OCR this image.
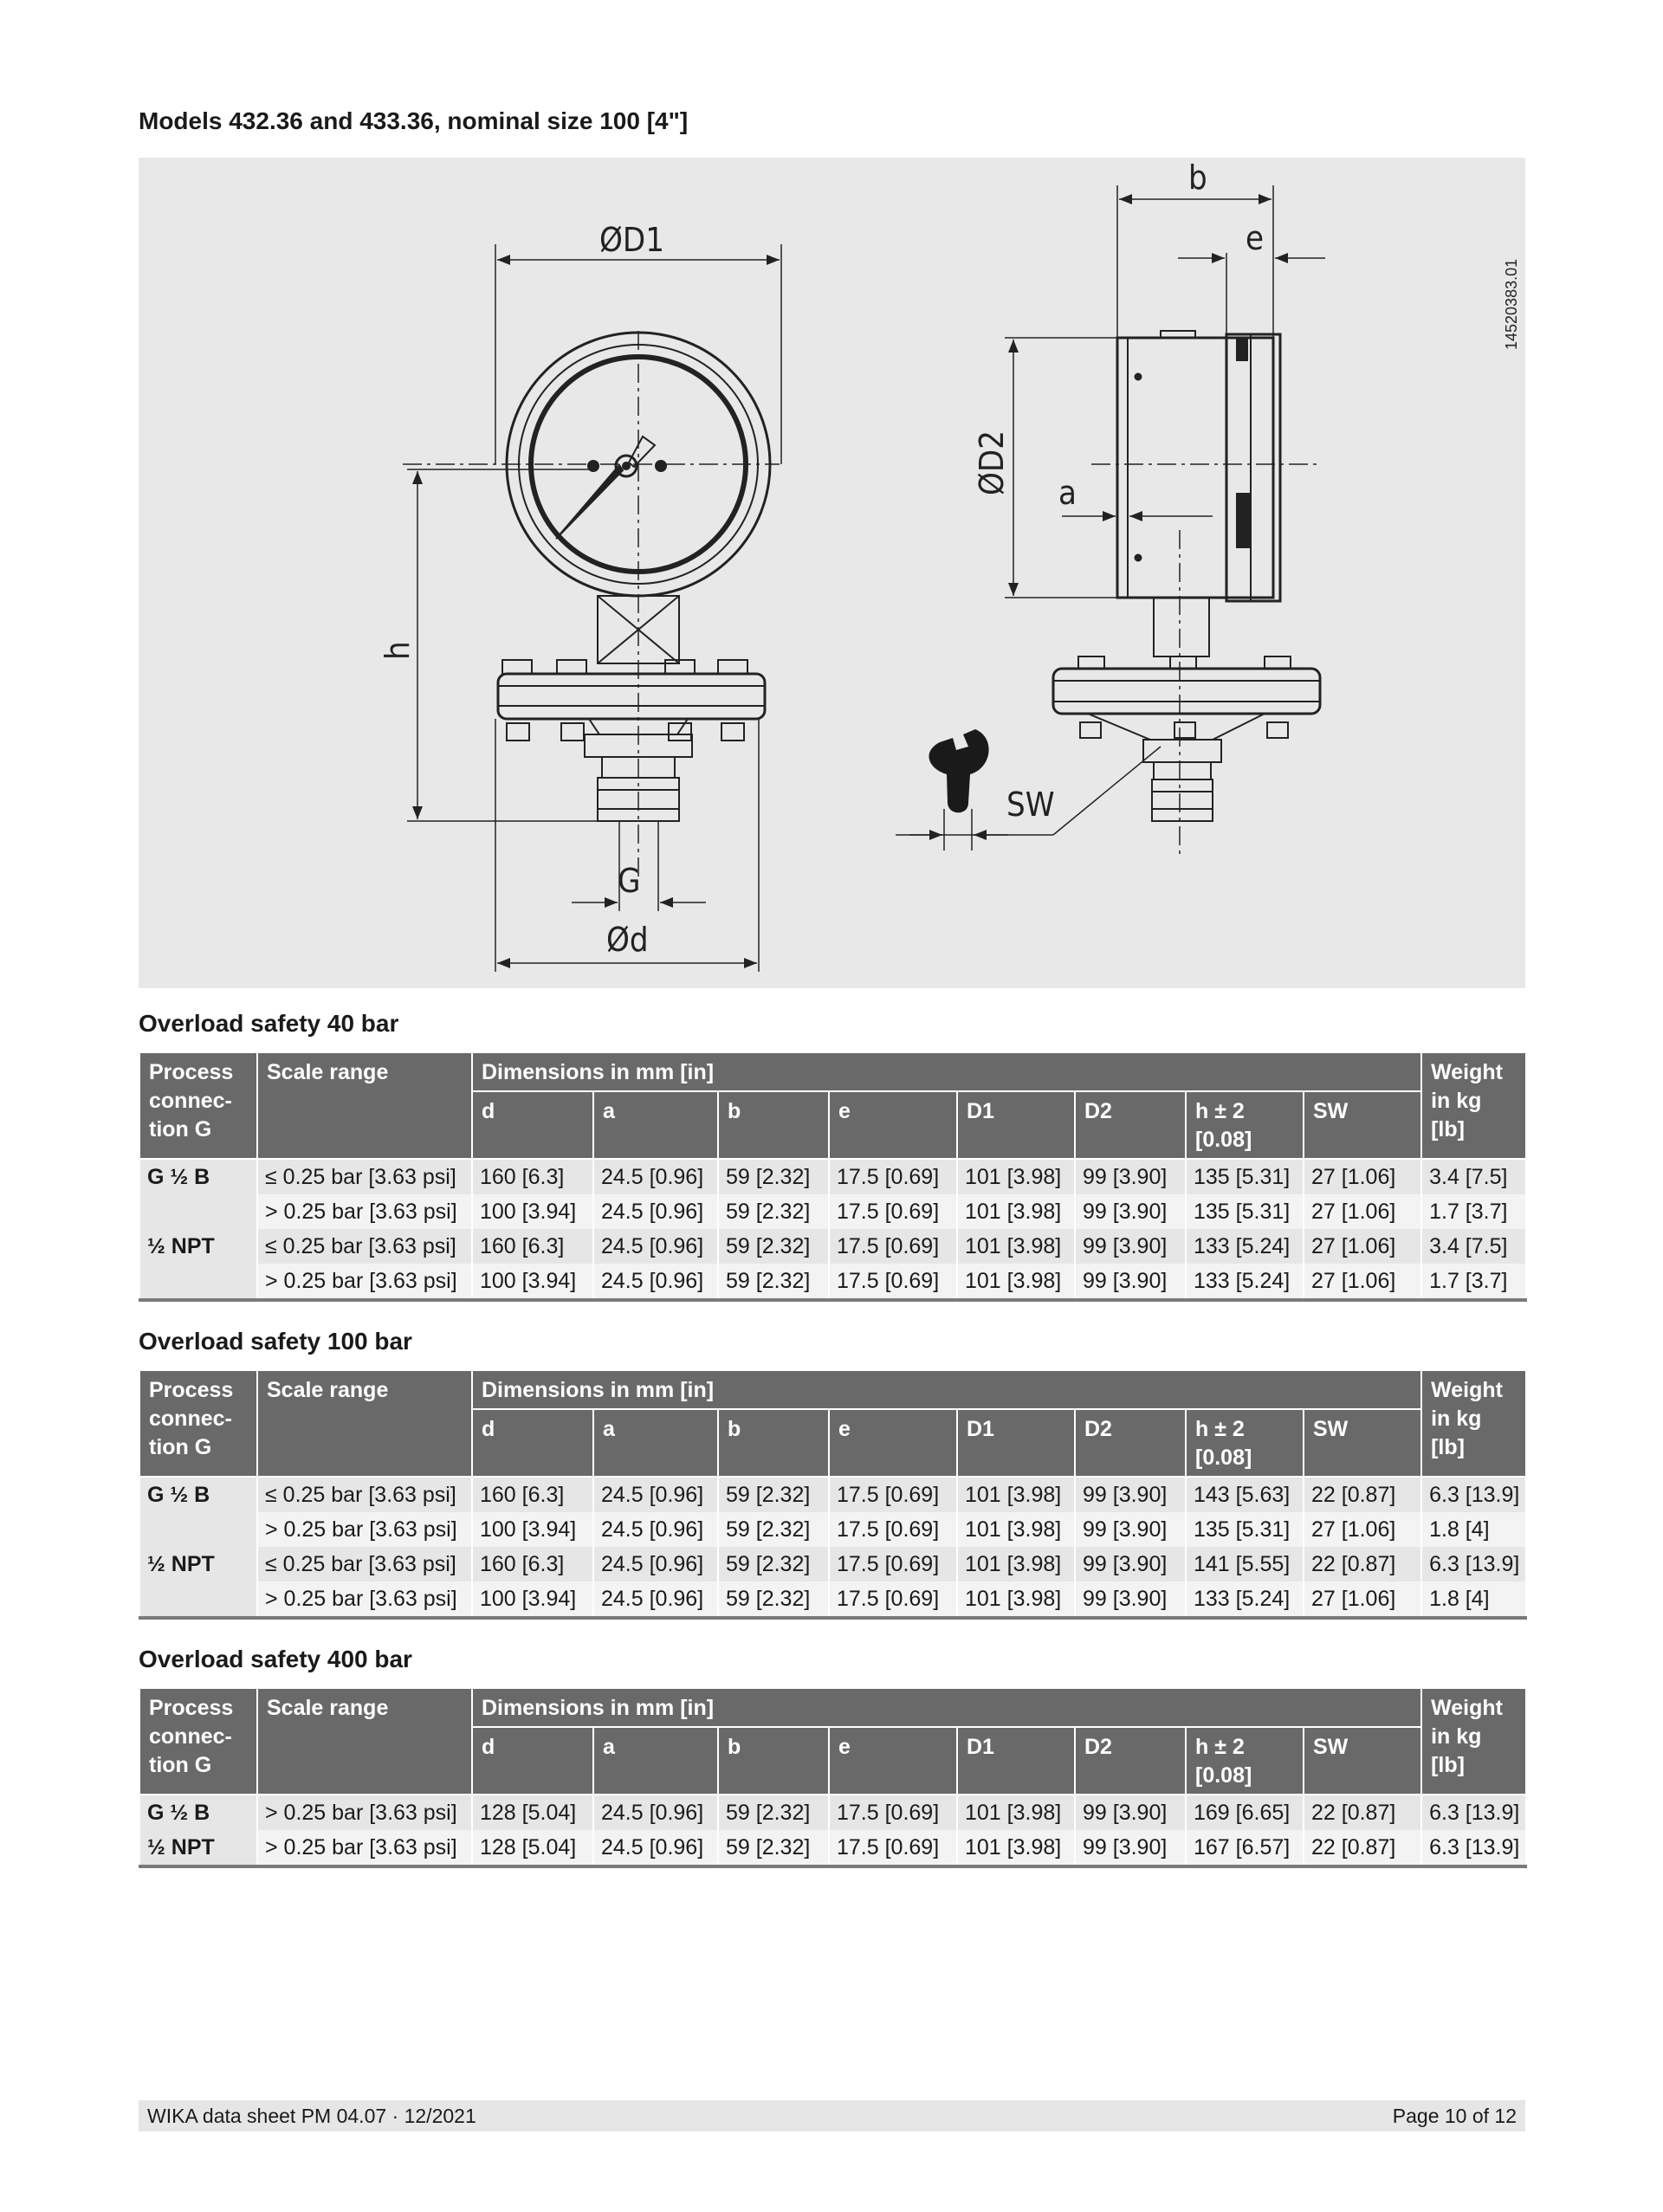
Models 432.36 and 433.36, nominal size 100 [4"]
ØD1
b
e
a
G
Ød
SW
h
ØD2
14520383.01
Overload safety 40 bar
Process connec-tion G	Scale range	Dimensions in mm [in]								Weight in kg [lb]
		d	a	b	e	D1	D2	h ± 2 [0.08]	SW	
G ½ B	≤ 0.25 bar [3.63 psi]	160 [6.3]	24.5 [0.96]	59 [2.32]	17.5 [0.69]	101 [3.98]	99 [3.90]	135 [5.31]	27 [1.06]	3.4 [7.5]
	> 0.25 bar [3.63 psi]	100 [3.94]	24.5 [0.96]	59 [2.32]	17.5 [0.69]	101 [3.98]	99 [3.90]	135 [5.31]	27 [1.06]	1.7 [3.7]
½ NPT	≤ 0.25 bar [3.63 psi]	160 [6.3]	24.5 [0.96]	59 [2.32]	17.5 [0.69]	101 [3.98]	99 [3.90]	133 [5.24]	27 [1.06]	3.4 [7.5]
	> 0.25 bar [3.63 psi]	100 [3.94]	24.5 [0.96]	59 [2.32]	17.5 [0.69]	101 [3.98]	99 [3.90]	133 [5.24]	27 [1.06]	1.7 [3.7]
Overload safety 100 bar
Process connec-tion G	Scale range	Dimensions in mm [in]								Weight in kg [lb]
		d	a	b	e	D1	D2	h ± 2 [0.08]	SW	
G ½ B	≤ 0.25 bar [3.63 psi]	160 [6.3]	24.5 [0.96]	59 [2.32]	17.5 [0.69]	101 [3.98]	99 [3.90]	143 [5.63]	22 [0.87]	6.3 [13.9]
	> 0.25 bar [3.63 psi]	100 [3.94]	24.5 [0.96]	59 [2.32]	17.5 [0.69]	101 [3.98]	99 [3.90]	135 [5.31]	27 [1.06]	1.8 [4]
½ NPT	≤ 0.25 bar [3.63 psi]	160 [6.3]	24.5 [0.96]	59 [2.32]	17.5 [0.69]	101 [3.98]	99 [3.90]	141 [5.55]	22 [0.87]	6.3 [13.9]
	> 0.25 bar [3.63 psi]	100 [3.94]	24.5 [0.96]	59 [2.32]	17.5 [0.69]	101 [3.98]	99 [3.90]	133 [5.24]	27 [1.06]	1.8 [4]
Overload safety 400 bar
Process connec-tion G	Scale range	Dimensions in mm [in]								Weight in kg [lb]
		d	a	b	e	D1	D2	h ± 2 [0.08]	SW	
G ½ B	> 0.25 bar [3.63 psi]	128 [5.04]	24.5 [0.96]	59 [2.32]	17.5 [0.69]	101 [3.98]	99 [3.90]	169 [6.65]	22 [0.87]	6.3 [13.9]
½ NPT	> 0.25 bar [3.63 psi]	128 [5.04]	24.5 [0.96]	59 [2.32]	17.5 [0.69]	101 [3.98]	99 [3.90]	167 [6.57]	22 [0.87]	6.3 [13.9]
WIKA data sheet PM 04.07 · 12/2021	Page 10 of 12
